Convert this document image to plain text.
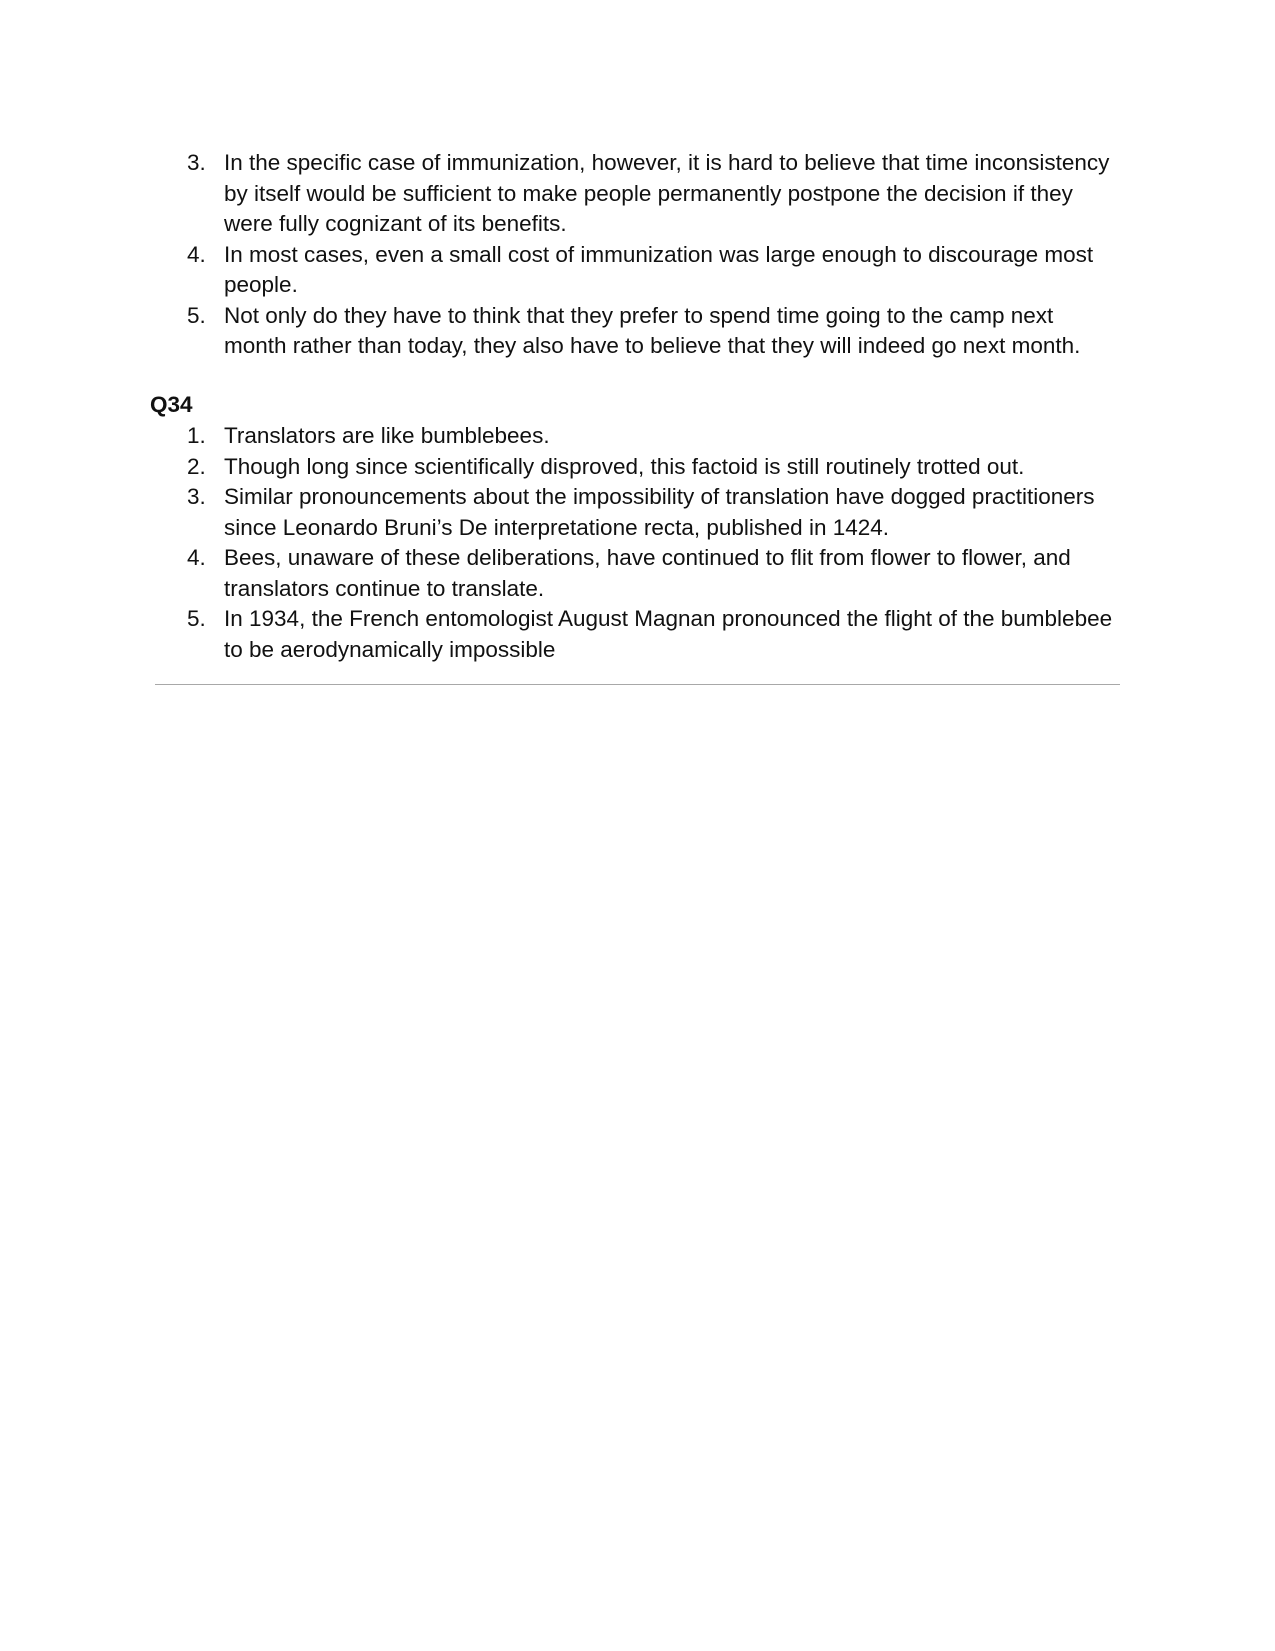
3. In the specific case of immunization, however, it is hard to believe that time inconsistency by itself would be sufficient to make people permanently postpone the decision if they were fully cognizant of its benefits.
4. In most cases, even a small cost of immunization was large enough to discourage most people.
5. Not only do they have to think that they prefer to spend time going to the camp next month rather than today, they also have to believe that they will indeed go next month.
Q34
1. Translators are like bumblebees.
2. Though long since scientifically disproved, this factoid is still routinely trotted out.
3. Similar pronouncements about the impossibility of translation have dogged practitioners since Leonardo Bruni’s De interpretatione recta, published in 1424.
4. Bees, unaware of these deliberations, have continued to flit from flower to flower, and translators continue to translate.
5. In 1934, the French entomologist August Magnan pronounced the flight of the bumblebee to be aerodynamically impossible
